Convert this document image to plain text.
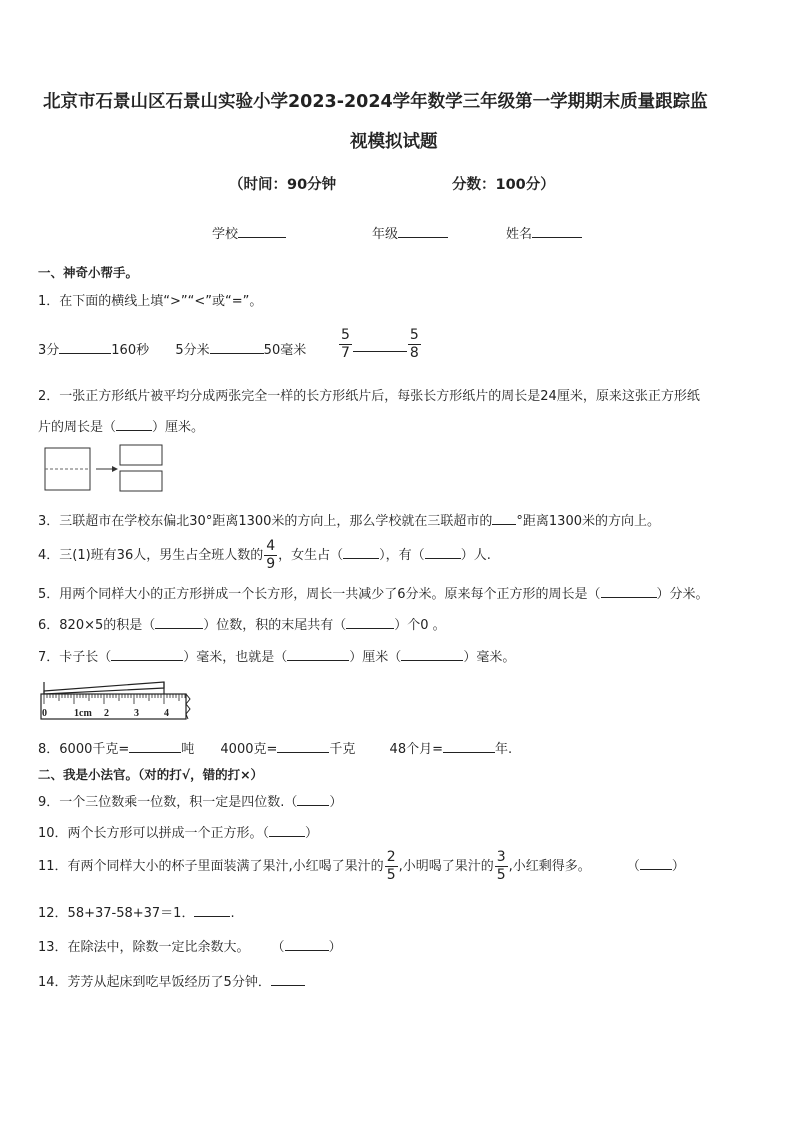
北京市石景山区石景山实验小学2023-2024学年数学三年级第一学期期末质量跟踪监
视模拟试题
（时间：90分钟	分数：100分）
学校	年级	姓名
一、神奇小帮手。
1．在下面的横线上填“>”“<”或“=”。
3分	160秒 5分米	50毫米 $\frac{5}{7}$	$\frac{5}{8}$
2．一张正方形纸片被平均分成两张完全一样的长方形纸片后，每张长方形纸片的周长是24厘米，原来这张正方形纸
片的周长是（	）厘米。
3．三联超市在学校东偏北30°距离1300米的方向上，那么学校就在三联超市的 °距离1300米的方向上。
4．三(1)班有36人，男生占全班人数的 $\frac{4}{9}$ ，女生占（	），有（	）人.
5．用两个同样大小的正方形拼成一个长方形，周长一共减少了6分米。原来每个正方形的周长是（	）分米。
6．820×5的积是（	）位数，积的末尾共有（	）个0 。
7．卡子长（	）毫米，也就是（	）厘米（	）毫米。
0	1cm 2	3	4
8．6000千克=	吨 4000克=	千克	48个月=	年.
二、我是小法官。（对的打√，错的打×）
9．一个三位数乘一位数，积一定是四位数.（ ）
10．两个长方形可以拼成一个正方形。（	）
11．有两个同样大小的杯子里面装满了果汁,小红喝了果汁的 $\frac{2}{5}$ ,小明喝了果汁的 $\frac{3}{5}$ ,小红剩得多。	（ ）
12．58+37-58+37＝1．	.
13．在除法中，除数一定比余数大。 （	）
14．芳芳从起床到吃早饭经历了5分钟．
